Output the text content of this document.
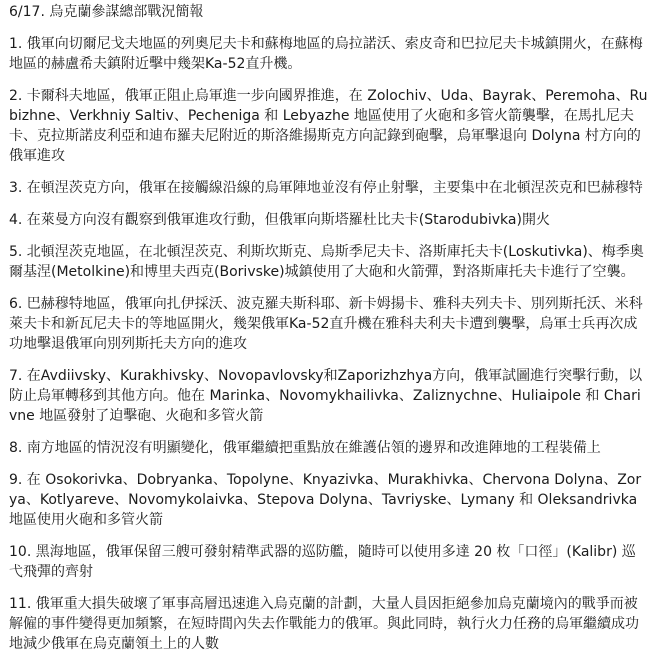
6/17. 烏克蘭參謀總部戰況簡報
1. 俄軍向切爾尼戈夫地區的列奧尼夫卡和蘇梅地區的烏拉諾沃、索皮奇和巴拉尼夫卡城鎮開火，在蘇梅地區的赫盧希夫鎮附近擊中幾架Ka-52直升機。
2. 卡爾科夫地區，俄軍正阻止烏軍進一步向國界推進，在 Zolochiv、Uda、Bayrak、Peremoha、Rubizhne、Verkhniy Saltiv、Pecheniga 和 Lebyazhe 地區使用了火砲和多管火箭襲擊，在馬扎尼夫卡、克拉斯諾皮利亞和迪布羅夫尼附近的斯洛維揚斯克方向記錄到砲擊，烏軍擊退向 Dolyna 村方向的俄軍進攻
3. 在頓涅茨克方向，俄軍在接觸線沿線的烏軍陣地並沒有停止射擊，主要集中在北頓涅茨克和巴赫穆特
4. 在萊曼方向沒有觀察到俄軍進攻行動，但俄軍向斯塔羅杜比夫卡(Starodubivka)開火
5. 北頓涅茨克地區，在北頓涅茨克、利斯坎斯克、烏斯季尼夫卡、洛斯庫托夫卡(Loskutivka)、梅季奧爾基涅(Metolkine)和博里夫西克(Borivske)城鎮使用了大砲和火箭彈，對洛斯庫托夫卡進行了空襲。
6. 巴赫穆特地區，俄軍向扎伊採沃、波克羅夫斯科耶、新卡姆揚卡、雅科夫列夫卡、別列斯托沃、米科萊夫卡和新瓦尼夫卡的等地區開火，幾架俄軍Ka-52直升機在雅科夫利夫卡遭到襲擊，烏軍士兵再次成功地擊退俄軍向別列斯托夫方向的進攻
7. 在Avdiivsky、Kurakhivsky、Novopavlovsky和Zaporizhzhya方向，俄軍試圖進行突擊行動，以防止烏軍轉移到其他方向。他在 Marinka、Novomykhailivka、Zaliznychne、Huliaipole 和 Charivne 地區發射了迫擊砲、火砲和多管火箭
8. 南方地區的情況沒有明顯變化，俄軍繼續把重點放在維護佔領的邊界和改進陣地的工程裝備上
9. 在 Osokorivka、Dobryanka、Topolyne、Knyazivka、Murakhivka、Chervona Dolyna、Zorya、Kotlyareve、Novomykolaivka、Stepova Dolyna、Tavriyske、Lymany 和 Oleksandrivka 地區使用火砲和多管火箭
10. 黑海地區，俄軍保留三艘可發射精準武器的巡防艦，隨時可以使用多達 20 枚「口徑」(Kalibr) 巡弋飛彈的齊射
11. 俄軍重大損失破壞了軍事高層迅速進入烏克蘭的計劃，大量人員因拒絕參加烏克蘭境內的戰爭而被解僱的事件變得更加頻繁，在短時間內失去作戰能力的俄軍。與此同時，執行火力任務的烏軍繼續成功地減少俄軍在烏克蘭領土上的人數
